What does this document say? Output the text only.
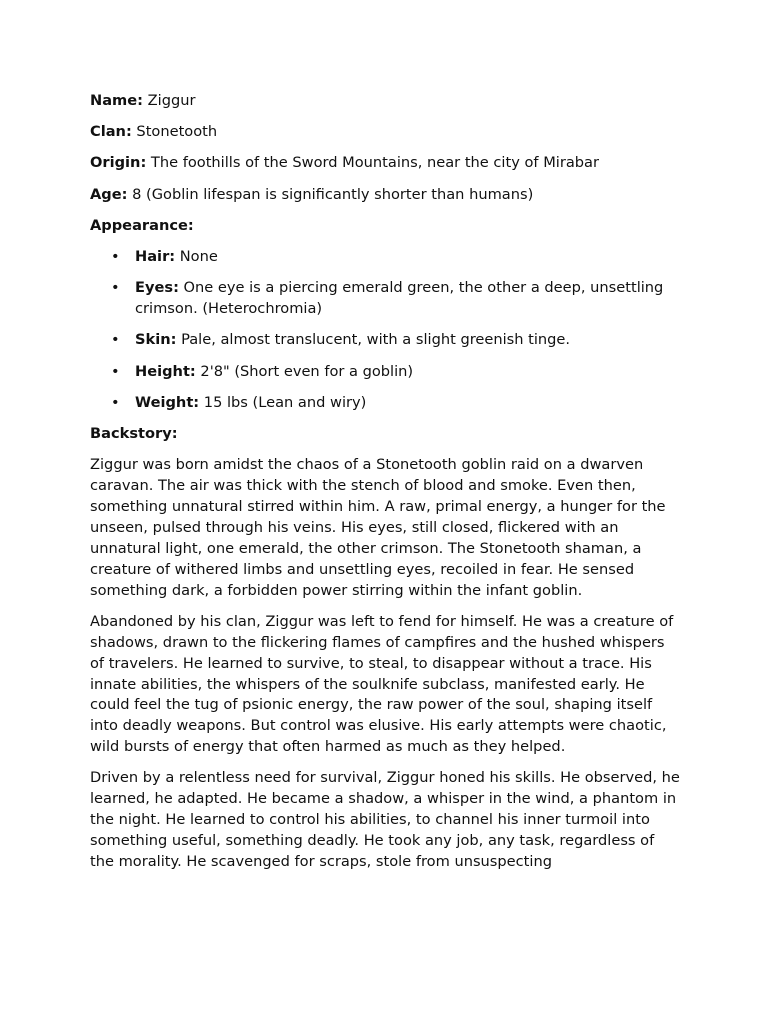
Name: Ziggur
Clan: Stonetooth
Origin: The foothills of the Sword Mountains, near the city of Mirabar
Age: 8 (Goblin lifespan is significantly shorter than humans)
Appearance:
• Hair: None
• Eyes: One eye is a piercing emerald green, the other a deep, unsettling crimson. (Heterochromia)
• Skin: Pale, almost translucent, with a slight greenish tinge.
• Height: 2'8" (Short even for a goblin)
• Weight: 15 lbs (Lean and wiry)
Backstory:

Ziggur was born amidst the chaos of a Stonetooth goblin raid on a dwarven caravan. The air was thick with the stench of blood and smoke. Even then, something unnatural stirred within him. A raw, primal energy, a hunger for the unseen, pulsed through his veins. His eyes, still closed, flickered with an unnatural light, one emerald, the other crimson. The Stonetooth shaman, a creature of withered limbs and unsettling eyes, recoiled in fear. He sensed something dark, a forbidden power stirring within the infant goblin.

Abandoned by his clan, Ziggur was left to fend for himself. He was a creature of shadows, drawn to the flickering flames of campfires and the hushed whispers of travelers. He learned to survive, to steal, to disappear without a trace. His innate abilities, the whispers of the soulknife subclass, manifested early. He could feel the tug of psionic energy, the raw power of the soul, shaping itself into deadly weapons. But control was elusive. His early attempts were chaotic, wild bursts of energy that often harmed as much as they helped.

Driven by a relentless need for survival, Ziggur honed his skills. He observed, he learned, he adapted. He became a shadow, a whisper in the wind, a phantom in the night. He learned to control his abilities, to channel his inner turmoil into something useful, something deadly. He took any job, any task, regardless of the morality. He scavenged for scraps, stole from unsuspecting
